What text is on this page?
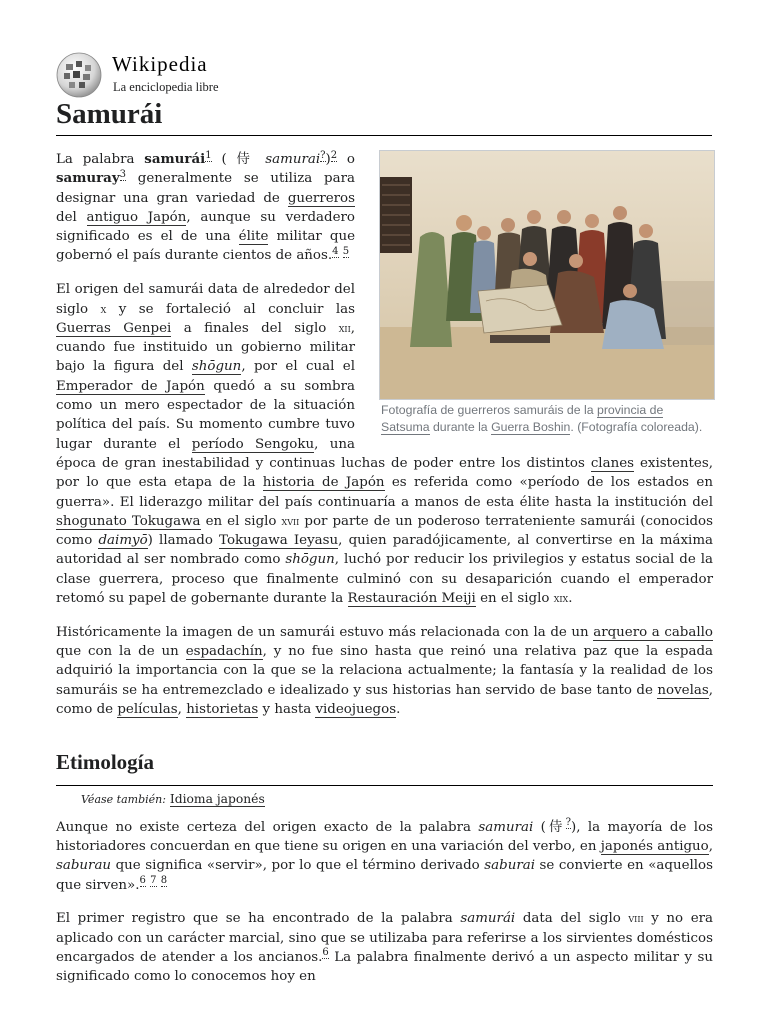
Wikipedia
La enciclopedia libre
Samurái
Fotografía de guerreros samuráis de la provincia de Satsuma durante la Guerra Boshin. (Fotografía coloreada).

La palabra samurái$^1$ ( 侍 samurai?)$^2$ o samuray$^3$ generalmente se utiliza para designar una gran variedad de guerreros del antiguo Japón, aunque su verdadero significado es el de una élite militar que gobernó el país durante cientos de años.$^4$ $^5$

El origen del samurái data de alrededor del siglo x y se fortaleció al concluir las Guerras Genpei a finales del siglo xii, cuando fue instituido un gobierno militar bajo la figura del shōgun, por el cual el Emperador de Japón quedó a su sombra como un mero espectador de la situación política del país. Su momento cumbre tuvo lugar durante el período Sengoku, una época de gran inestabilidad y continuas luchas de poder entre los distintos clanes existentes, por lo que esta etapa de la historia de Japón es referida como «período de los estados en guerra». El liderazgo militar del país continuaría a manos de esta élite hasta la institución del shogunato Tokugawa en el siglo xvii por parte de un poderoso terrateniente samurái (conocidos como daimyō) llamado Tokugawa Ieyasu, quien paradójicamente, al convertirse en la máxima autoridad al ser nombrado como shōgun, luchó por reducir los privilegios y estatus social de la clase guerrera, proceso que finalmente culminó con su desaparición cuando el emperador retomó su papel de gobernante durante la Restauración Meiji en el siglo xix.

Históricamente la imagen de un samurái estuvo más relacionada con la de un arquero a caballo que con la de un espadachín, y no fue sino hasta que reinó una relativa paz que la espada adquirió la importancia con la que se la relaciona actualmente; la fantasía y la realidad de los samuráis se ha entremezclado e idealizado y sus historias han servido de base tanto de novelas, como de películas, historietas y hasta videojuegos.

Etimología
Véase también: Idioma japonés

Aunque no existe certeza del origen exacto de la palabra samurai (侍?), la mayoría de los historiadores concuerdan en que tiene su origen en una variación del verbo, en japonés antiguo, saburau que significa «servir», por lo que el término derivado saburai se convierte en «aquellos que sirven».$^6$ $^7$ $^8$

El primer registro que se ha encontrado de la palabra samurái data del siglo viii y no era aplicado con un carácter marcial, sino que se utilizaba para referirse a los sirvientes domésticos encargados de atender a los ancianos.$^6$ La palabra finalmente derivó a un aspecto militar y su significado como lo conocemos hoy en
